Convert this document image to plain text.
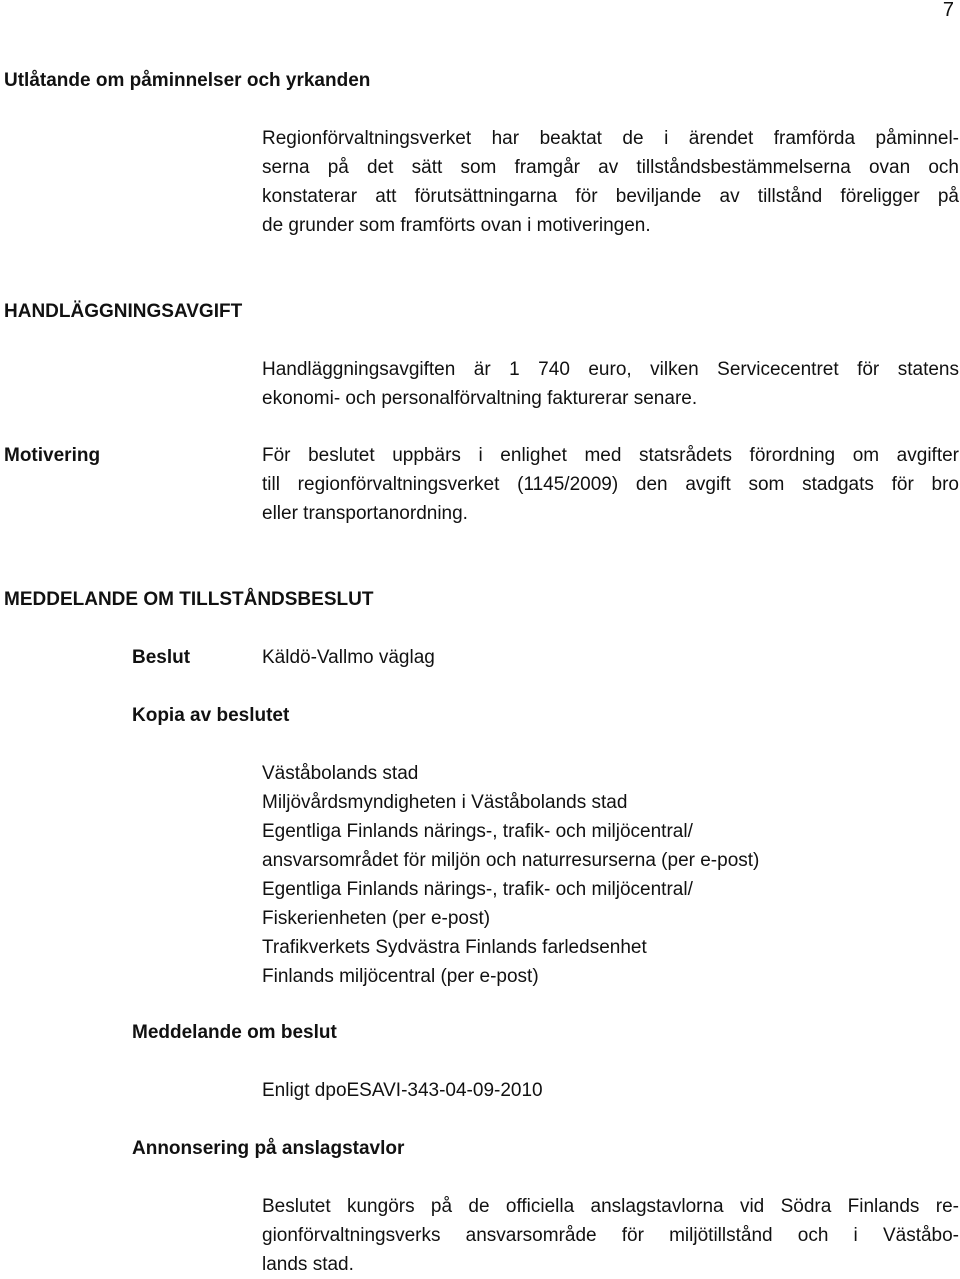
7
Utlåtande om påminnelser och yrkanden
Regionförvaltningsverket har beaktat de i ärendet framförda påminnel-
serna på det sätt som framgår av tillståndsbestämmelserna ovan och
konstaterar att förutsättningarna för beviljande av tillstånd föreligger på
de grunder som framförts ovan i motiveringen.
HANDLÄGGNINGSAVGIFT
Handläggningsavgiften är 1 740 euro, vilken Servicecentret för statens
ekonomi- och personalförvaltning fakturerar senare.
Motivering	För beslutet uppbärs i enlighet med statsrådets förordning om avgifter
till regionförvaltningsverket (1145/2009) den avgift som stadgats för bro
eller transportanordning.
MEDDELANDE OM TILLSTÅNDSBESLUT
Beslut	Käldö-Vallmo väglag
Kopia av beslutet
Väståbolands stad
Miljövårdsmyndigheten i Väståbolands stad
Egentliga Finlands närings-, trafik- och miljöcentral/
ansvarsområdet för miljön och naturresurserna (per e-post)
Egentliga Finlands närings-, trafik- och miljöcentral/
Fiskerienheten (per e-post)
Trafikverkets Sydvästra Finlands farledsenhet
Finlands miljöcentral (per e-post)
Meddelande om beslut
Enligt dpoESAVI-343-04-09-2010
Annonsering på anslagstavlor
Beslutet kungörs på de officiella anslagstavlorna vid Södra Finlands re-
gionförvaltningsverks ansvarsområde för miljötillstånd och i Väståbo-
lands stad.
